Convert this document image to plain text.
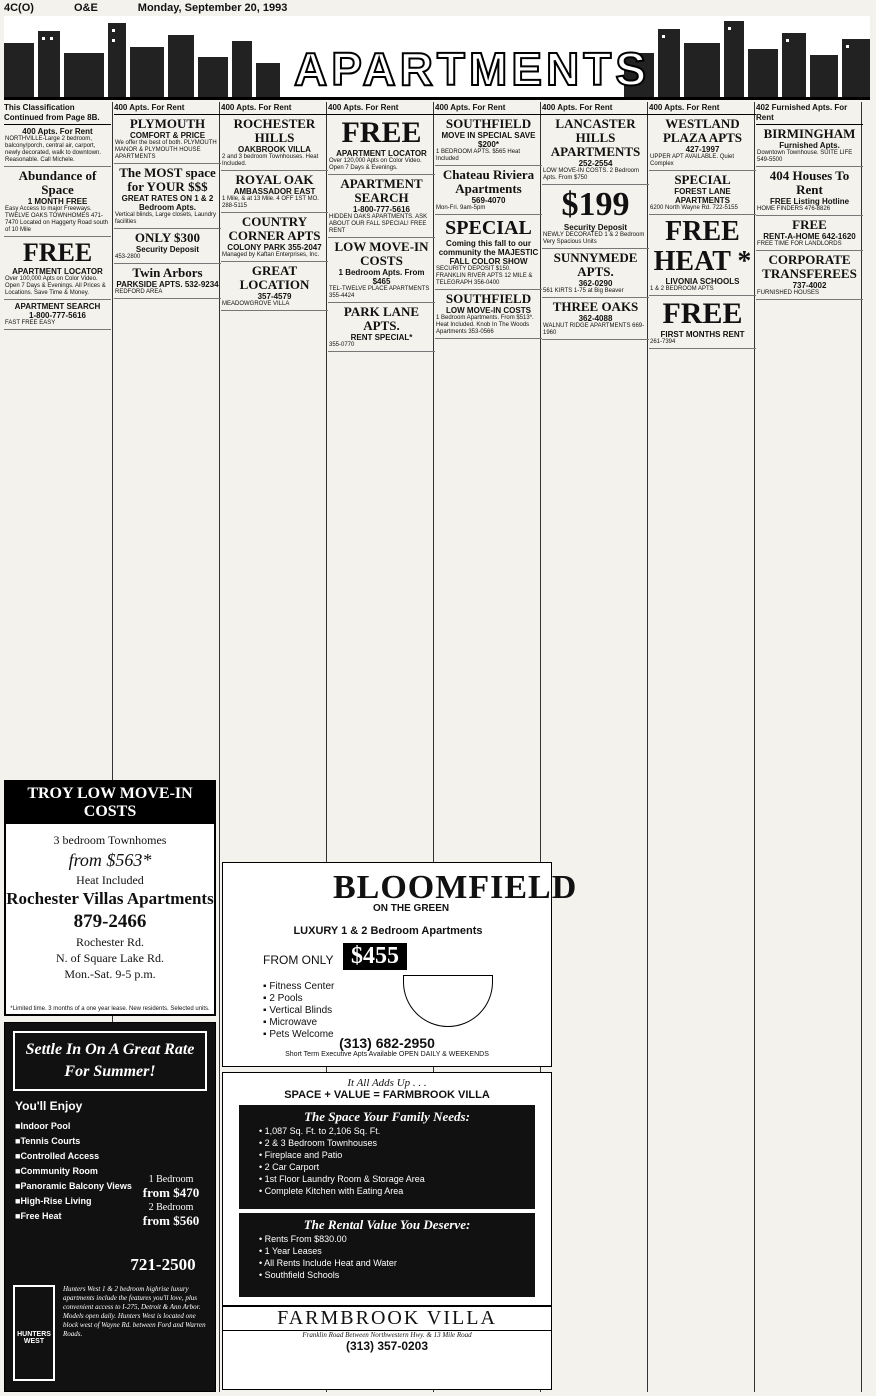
4C(O)	O&E	Monday, September 20, 1993
APARTMENTS
This Classification Continued from Page 8B.
400 Apts. For Rent
NORTHVILLE-Large 2 bedroom, balcony/porch, central air, carport, newly decorated, walk to downtown. Reasonable. Call Michele.
Abundance of Space
1 MONTH FREE
Easy Access to major Freeways. TWELVE OAKS TOWNHOMES 471-7470 Located on Haggerty Road south of 10 Mile
FREE
APARTMENT LOCATOR
Over 100,000 Apts on Color Video. Open 7 Days & Evenings. All Prices & Locations. Save Time & Money.
APARTMENT SEARCH
1-800-777-5616
FAST FREE EASY
400 Apts. For Rent
PLYMOUTH
COMFORT & PRICE
We offer the best of both. PLYMOUTH MANOR & PLYMOUTH HOUSE APARTMENTS
The MOST space for YOUR $$$
GREAT RATES ON 1 & 2 Bedroom Apts.
Vertical blinds, Large closets, Laundry facilities
ONLY $300
Security Deposit
453-2800
Twin Arbors
PARKSIDE APTS. 532-9234
REDFORD AREA
400 Apts. For Rent
ROCHESTER HILLS
OAKBROOK VILLA
2 and 3 bedroom Townhouses. Heat Included.
ROYAL OAK
AMBASSADOR EAST
1 Mile, & at 13 Mile. 4 OFF 1ST MO. 288-5115
COUNTRY CORNER APTS
COLONY PARK 355-2047
Managed by Kaftan Enterprises, Inc.
GREAT LOCATION
357-4579
MEADOWGROVE VILLA
400 Apts. For Rent
FREE
APARTMENT LOCATOR
Over 120,000 Apts on Color Video. Open 7 Days & Evenings.
APARTMENT SEARCH
1-800-777-5616
HIDDEN OAKS APARTMENTS. ASK ABOUT OUR FALL SPECIAL! FREE RENT
LOW MOVE-IN COSTS
1 Bedroom Apts. From $465
TEL-TWELVE PLACE APARTMENTS 355-4424
PARK LANE APTS.
RENT SPECIAL*
355-0770
400 Apts. For Rent
SOUTHFIELD
MOVE IN SPECIAL SAVE $200*
1 BEDROOM APTS. $565 Heat Included
Chateau Riviera Apartments
569-4070
Mon-Fri. 9am-5pm
SPECIAL
Coming this fall to our community the MAJESTIC FALL COLOR SHOW
SECURITY DEPOSIT $150. FRANKLIN RIVER APTS 12 MILE & TELEGRAPH 356-0400
SOUTHFIELD
LOW MOVE-IN COSTS
1 Bedroom Apartments. From $513*. Heat Included. Knob In The Woods Apartments 353-0566
400 Apts. For Rent
LANCASTER HILLS APARTMENTS
252-2554
LOW MOVE-IN COSTS. 2 Bedroom Apts. From $750
$199
Security Deposit
NEWLY DECORATED 1 & 2 Bedroom Very Spacious Units
SUNNYMEDE APTS.
362-0290
561 KIRTS 1-75 at Big Beaver
THREE OAKS
362-4088
WALNUT RIDGE APARTMENTS 669-1960
400 Apts. For Rent
WESTLAND PLAZA APTS
427-1997
UPPER APT AVAILABLE. Quiet Complex
SPECIAL
FOREST LANE APARTMENTS
6200 North Wayne Rd. 722-5155
FREE HEAT *
LIVONIA SCHOOLS
1 & 2 BEDROOM APTS
FREE
FIRST MONTHS RENT
261-7394
402 Furnished Apts. For Rent
BIRMINGHAM
Furnished Apts.
Downtown Townhouse. SUITE LIFE 549-5500
404 Houses To Rent
FREE Listing Hotline
HOME FINDERS 476-8826
FREE
RENT-A-HOME 642-1620
FREE TIME FOR LANDLORDS
CORPORATE TRANSFEREES
737-4002
FURNISHED HOUSES
TROY LOW MOVE-IN COSTS
3 bedroom Townhomes
from $563*
Heat Included
Rochester Villas Apartments
879-2466
Rochester Rd.
N. of Square Lake Rd.
Mon.-Sat. 9-5 p.m.
*Limited time. 3 months of a one year lease. New residents. Selected units.
Settle In On A Great Rate For Summer!
You'll Enjoy
■ Indoor Pool
■ Tennis Courts
■ Controlled Access
■ Community Room
■ Panoramic Balcony Views
■ High-Rise Living
■ Free Heat
1 Bedroom
from $470
2 Bedroom
from $560
721-2500
HUNTERS WEST
Hunters West 1 & 2 bedroom highrise luxury apartments include the features you'll love, plus convenient access to I-275, Detroit & Ann Arbor. Models open daily. Hunters West is located one block west of Wayne Rd. between Ford and Warren Roads.
BLOOMFIELD
ON THE GREEN
LUXURY 1 & 2 Bedroom Apartments
FROM ONLY $455
▪ Fitness Center
▪ 2 Pools
▪ Vertical Blinds
▪ Microwave
▪ Pets Welcome
(313) 682-2950
Short Term Executive Apts Available OPEN DAILY & WEEKENDS
It All Adds Up . . .
SPACE + VALUE = FARMBROOK VILLA
The Space Your Family Needs:
• 1,087 Sq. Ft. to 2,106 Sq. Ft.
• 2 & 3 Bedroom Townhouses
• Fireplace and Patio
• 2 Car Carport
• 1st Floor Laundry Room & Storage Area
• Complete Kitchen with Eating Area
The Rental Value You Deserve:
• Rents From $830.00
• 1 Year Leases
• All Rents Include Heat and Water
• Southfield Schools
FARMBROOK VILLA
Franklin Road Between Northwestern Hwy. & 13 Mile Road
(313) 357-0203
